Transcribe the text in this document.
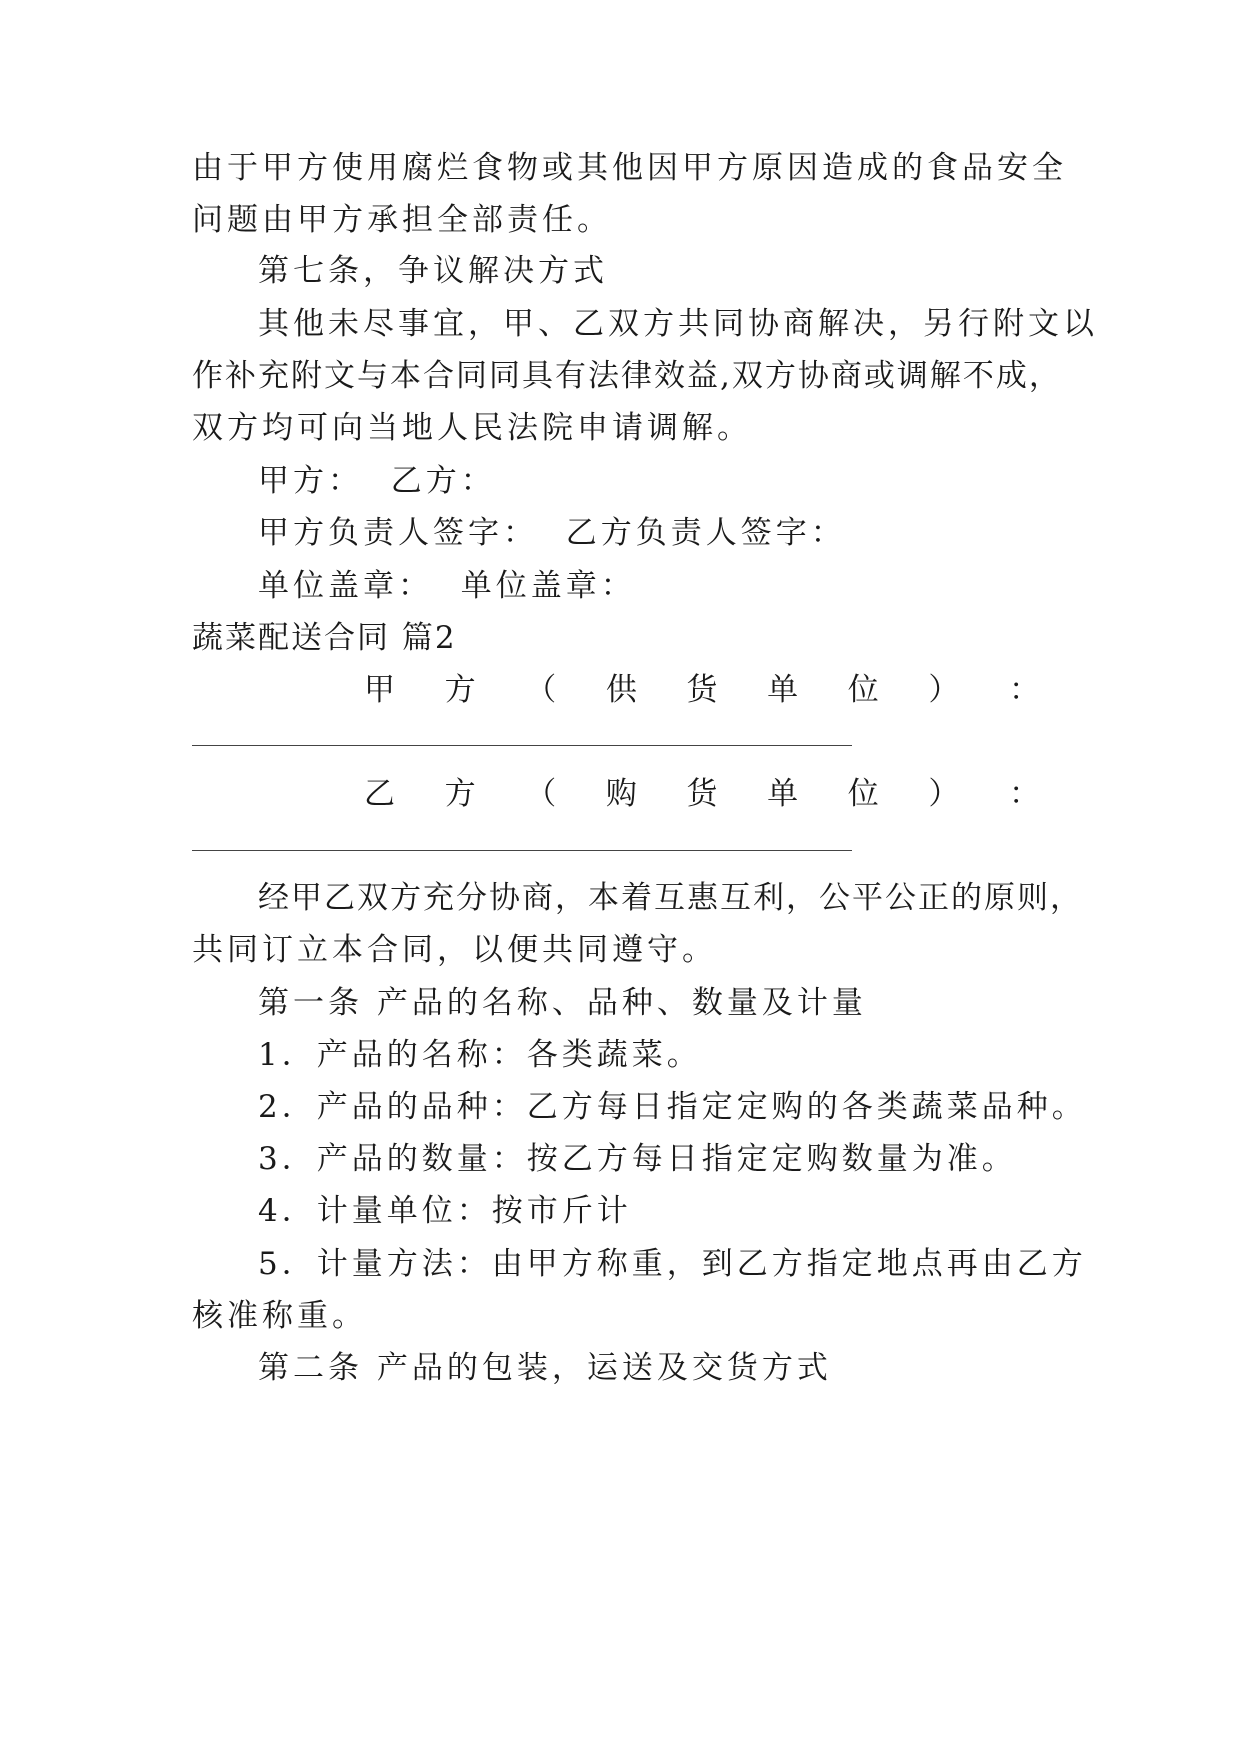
由于甲方使用腐烂食物或其他因甲方原因造成的食品安全
问题由甲方承担全部责任。
第七条，争议解决方式
其他未尽事宜，甲、乙双方共同协商解决，另行附文以
作补充附文与本合同同具有法律效益,双方协商或调解不成，
双方均可向当地人民法院申请调解。
甲方：  乙方：
甲方负责人签字：  乙方负责人签字：
单位盖章：  单位盖章：
蔬菜配送合同 篇2
甲 方 （ 供 货 单 位 ） ：
乙 方 （ 购 货 单 位 ） ：
经甲乙双方充分协商，本着互惠互利，公平公正的原则，
共同订立本合同，以便共同遵守。
第一条 产品的名称、品种、数量及计量
1．产品的名称：各类蔬菜。
2．产品的品种：乙方每日指定定购的各类蔬菜品种。
3．产品的数量：按乙方每日指定定购数量为准。
4．计量单位：按市斤计
5．计量方法：由甲方称重，到乙方指定地点再由乙方
核准称重。
第二条 产品的包装，运送及交货方式
